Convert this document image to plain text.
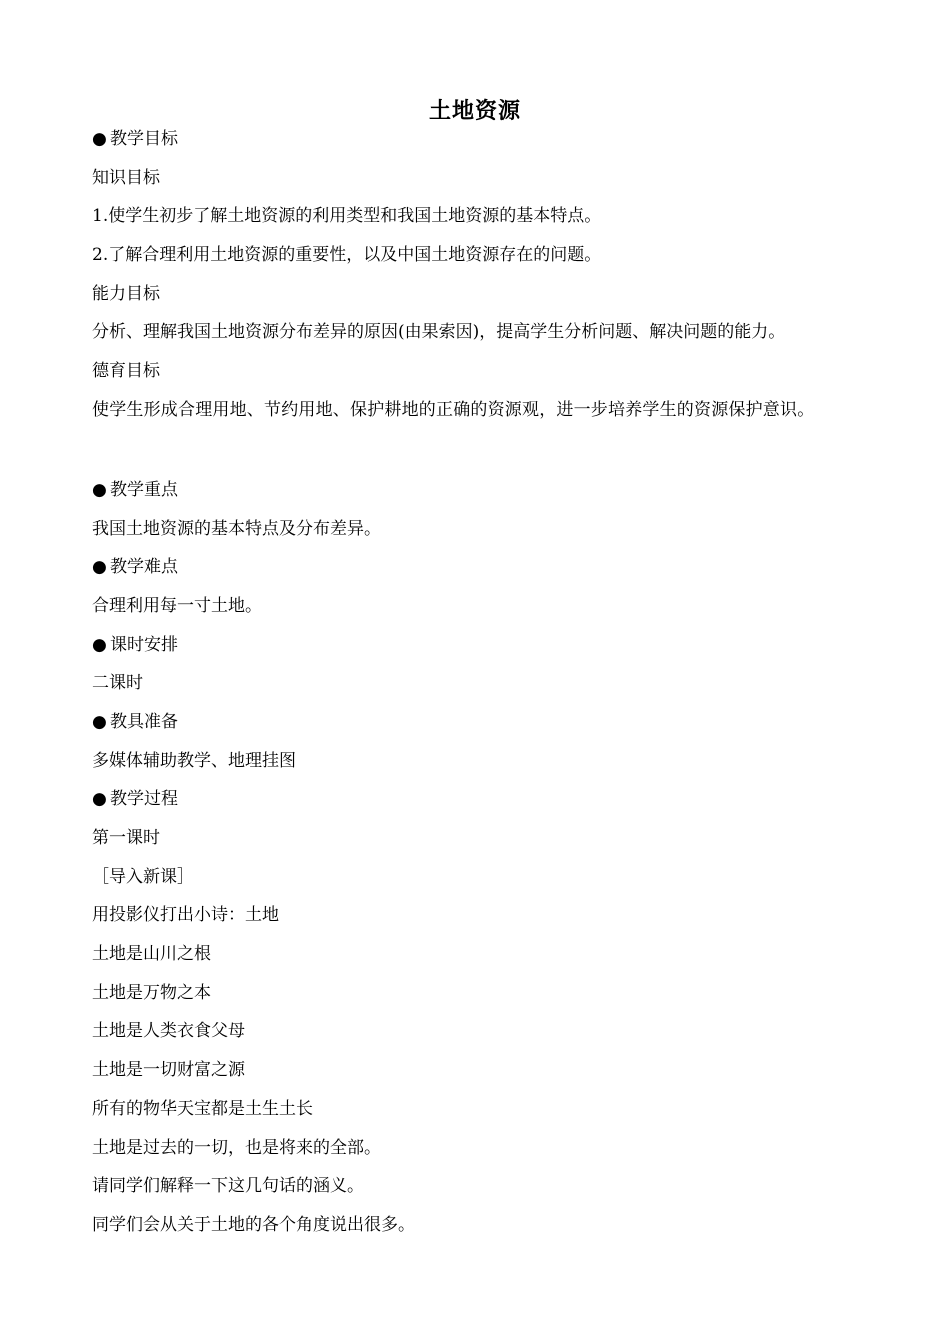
土地资源
● 教学目标
知识目标
1.使学生初步了解土地资源的利用类型和我国土地资源的基本特点。
2.了解合理利用土地资源的重要性，以及中国土地资源存在的问题。
能力目标
分析、理解我国土地资源分布差异的原因(由果索因)，提高学生分析问题、解决问题的能力。
德育目标
使学生形成合理用地、节约用地、保护耕地的正确的资源观，进一步培养学生的资源保护意识。
● 教学重点
我国土地资源的基本特点及分布差异。
● 教学难点
合理利用每一寸土地。
● 课时安排
二课时
● 教具准备
多媒体辅助教学、地理挂图
● 教学过程
第一课时
［导入新课］
用投影仪打出小诗：土地
土地是山川之根
土地是万物之本
土地是人类衣食父母
土地是一切财富之源
所有的物华天宝都是土生土长
土地是过去的一切，也是将来的全部。
请同学们解释一下这几句话的涵义。
同学们会从关于土地的各个角度说出很多。
